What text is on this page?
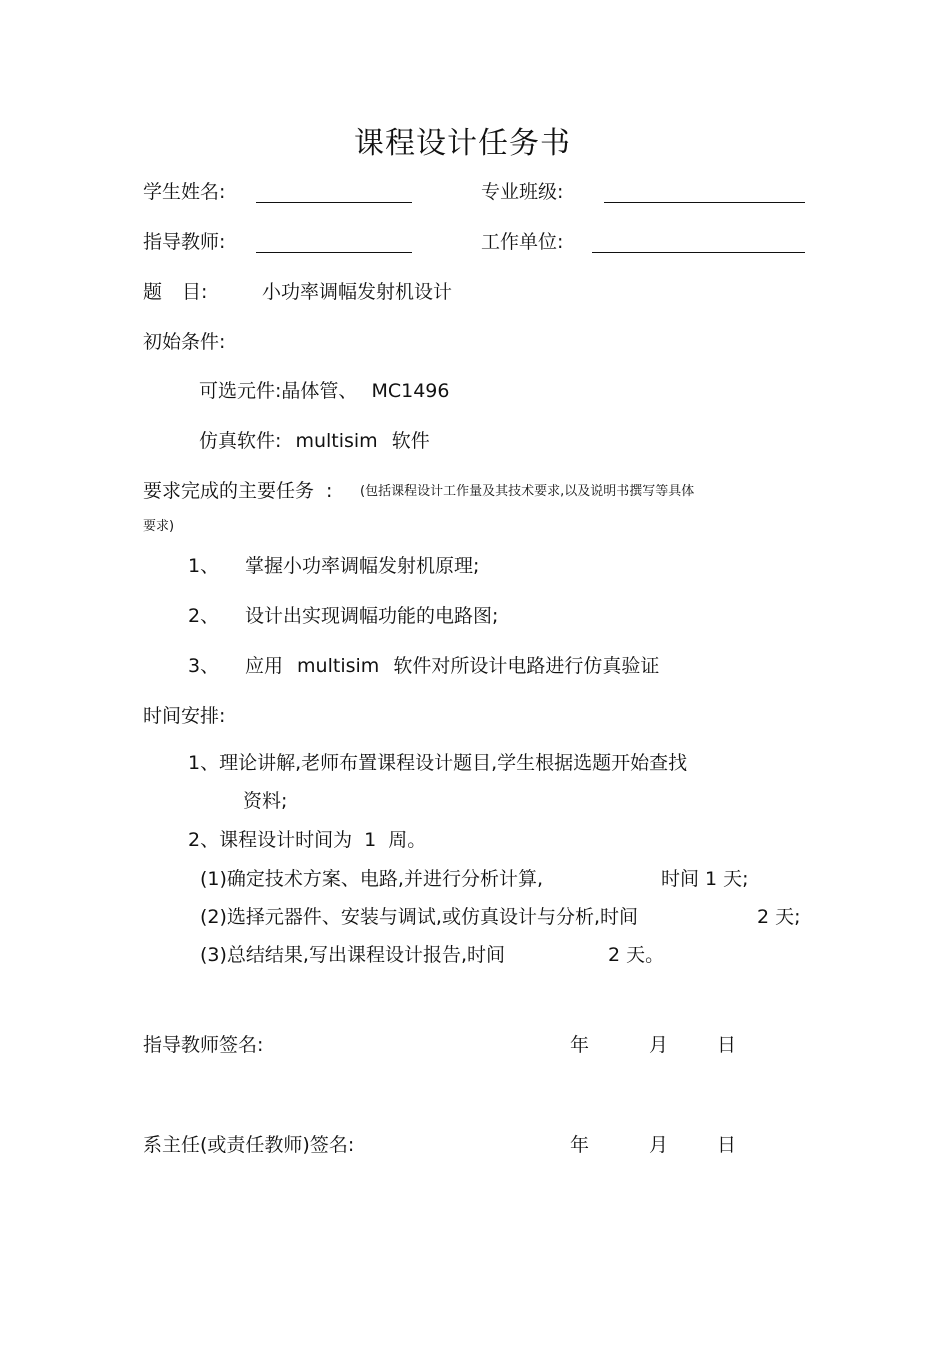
课程设计任务书
学生姓名:	专业班级:
指导教师:	工作单位:
题 目:	小功率调幅发射机设计
初始条件:
可选元件:晶体管、 MC1496
仿真软件: multisim 软件
要求完成的主要任务 : (包括课程设计工作量及其技术要求,以及说明书撰写等具体
要求)
1、 掌握小功率调幅发射机原理;
2、 设计出实现调幅功能的电路图;
3、 应用 multisim 软件对所设计电路进行仿真验证
时间安排:
1、理论讲解,老师布置课程设计题目,学生根据选题开始查找
资料;
2、课程设计时间为 1 周。
(1)确定技术方案、电路,并进行分析计算,	时间 1 天;
(2)选择元器件、安装与调试,或仿真设计与分析,时间	2 天;
(3)总结结果,写出课程设计报告,时间	2 天。
指导教师签名:	年	月	日
系主任(或责任教师)签名:	年	月	日
